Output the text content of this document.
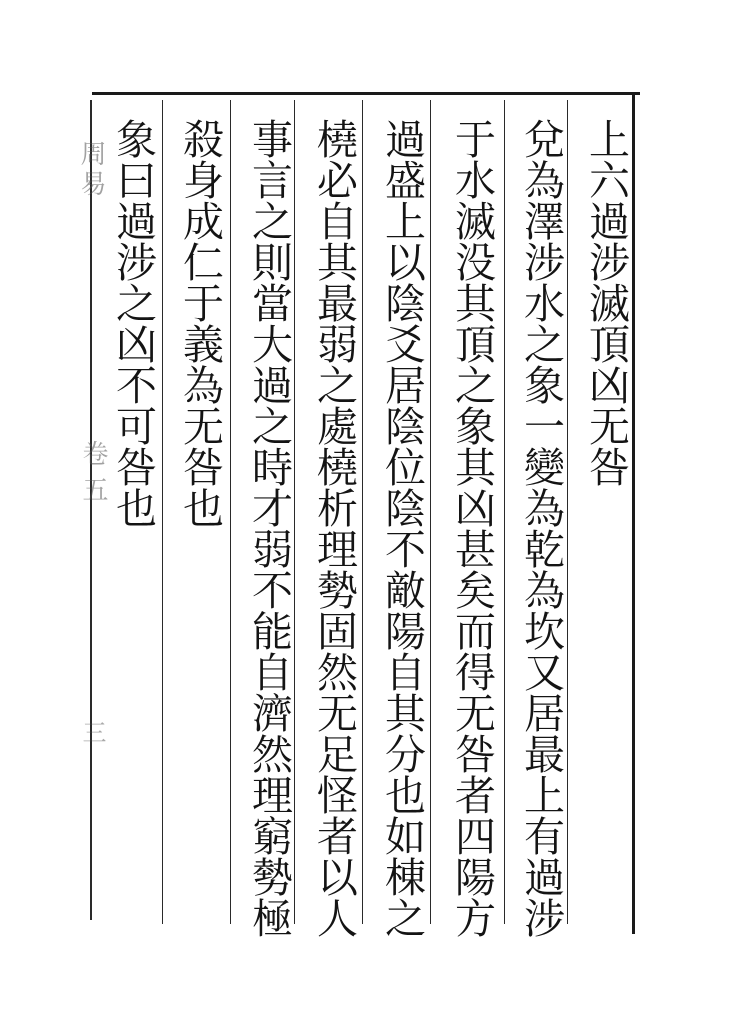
上六過涉滅頂凶无咎
兌為澤涉水之象一變為乾為坎又居最上有過涉
于水滅没其頂之象其凶甚矣而得无咎者四陽方
過盛上以陰爻居陰位陰不敵陽自其分也如棟之
橈必自其最弱之處橈析理勢固然无足怪者以人
事言之則當大過之時才弱不能自濟然理窮勢極
殺身成仁于義為无咎也
象曰過涉之凶不可咎也
周易
卷五
三
